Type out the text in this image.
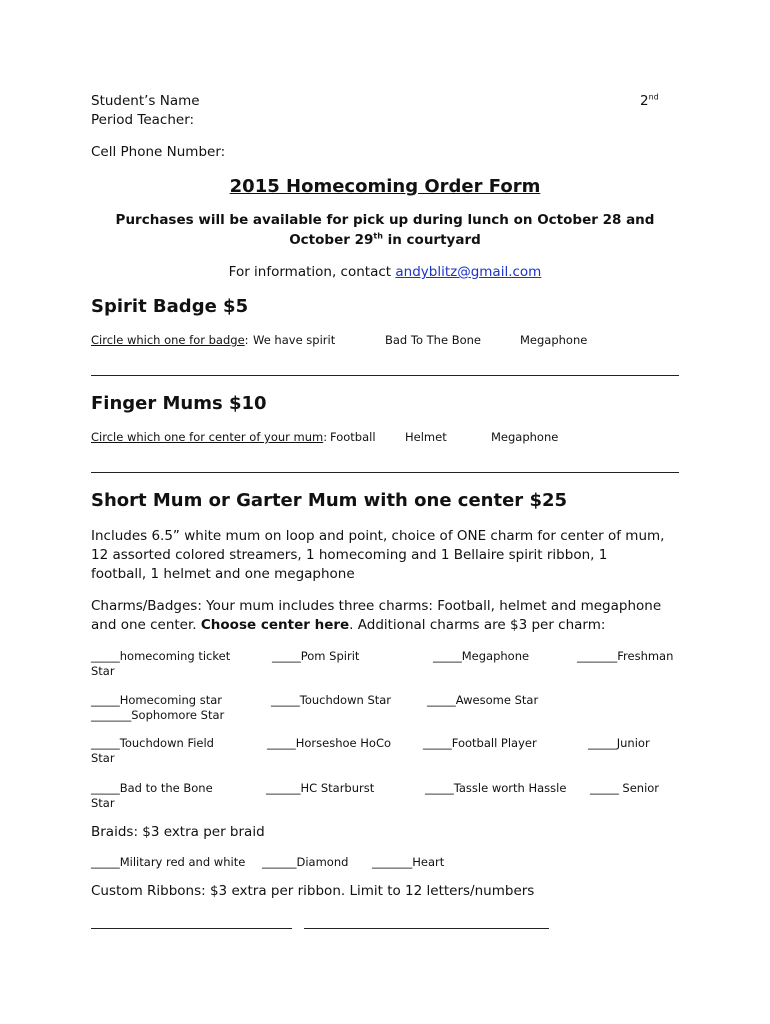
Student’s Name	2nd
Period Teacher:
Cell Phone Number:
2015 Homecoming Order Form
Purchases will be available for pick up during lunch on October 28 and
October 29th in courtyard
For information, contact andyblitz@gmail.com
Spirit Badge $5
Circle which one for badge: We have spirit	Bad To The Bone	Megaphone
Finger Mums $10
Circle which one for center of your mum: Football	Helmet	Megaphone
Short Mum or Garter Mum with one center $25
Includes 6.5” white mum on loop and point, choice of ONE charm for center of mum,
12 assorted colored streamers, 1 homecoming and 1 Bellaire spirit ribbon, 1
football, 1 helmet and one megaphone
Charms/Badges: Your mum includes three charms: Football, helmet and megaphone
and one center. Choose center here. Additional charms are $3 per charm:
_____homecoming ticket	_____Pom Spirit	_____Megaphone	_______Freshman
Star
_____Homecoming star	_____Touchdown Star	_____Awesome Star
_______Sophomore Star
_____Touchdown Field	_____Horseshoe HoCo	_____Football Player	_____Junior
Star
_____Bad to the Bone	______HC Starburst	_____Tassle worth Hassle _____ Senior
Star
Braids: $3 extra per braid
_____Military red and white ______Diamond _______Heart
Custom Ribbons: $3 extra per ribbon. Limit to 12 letters/numbers
